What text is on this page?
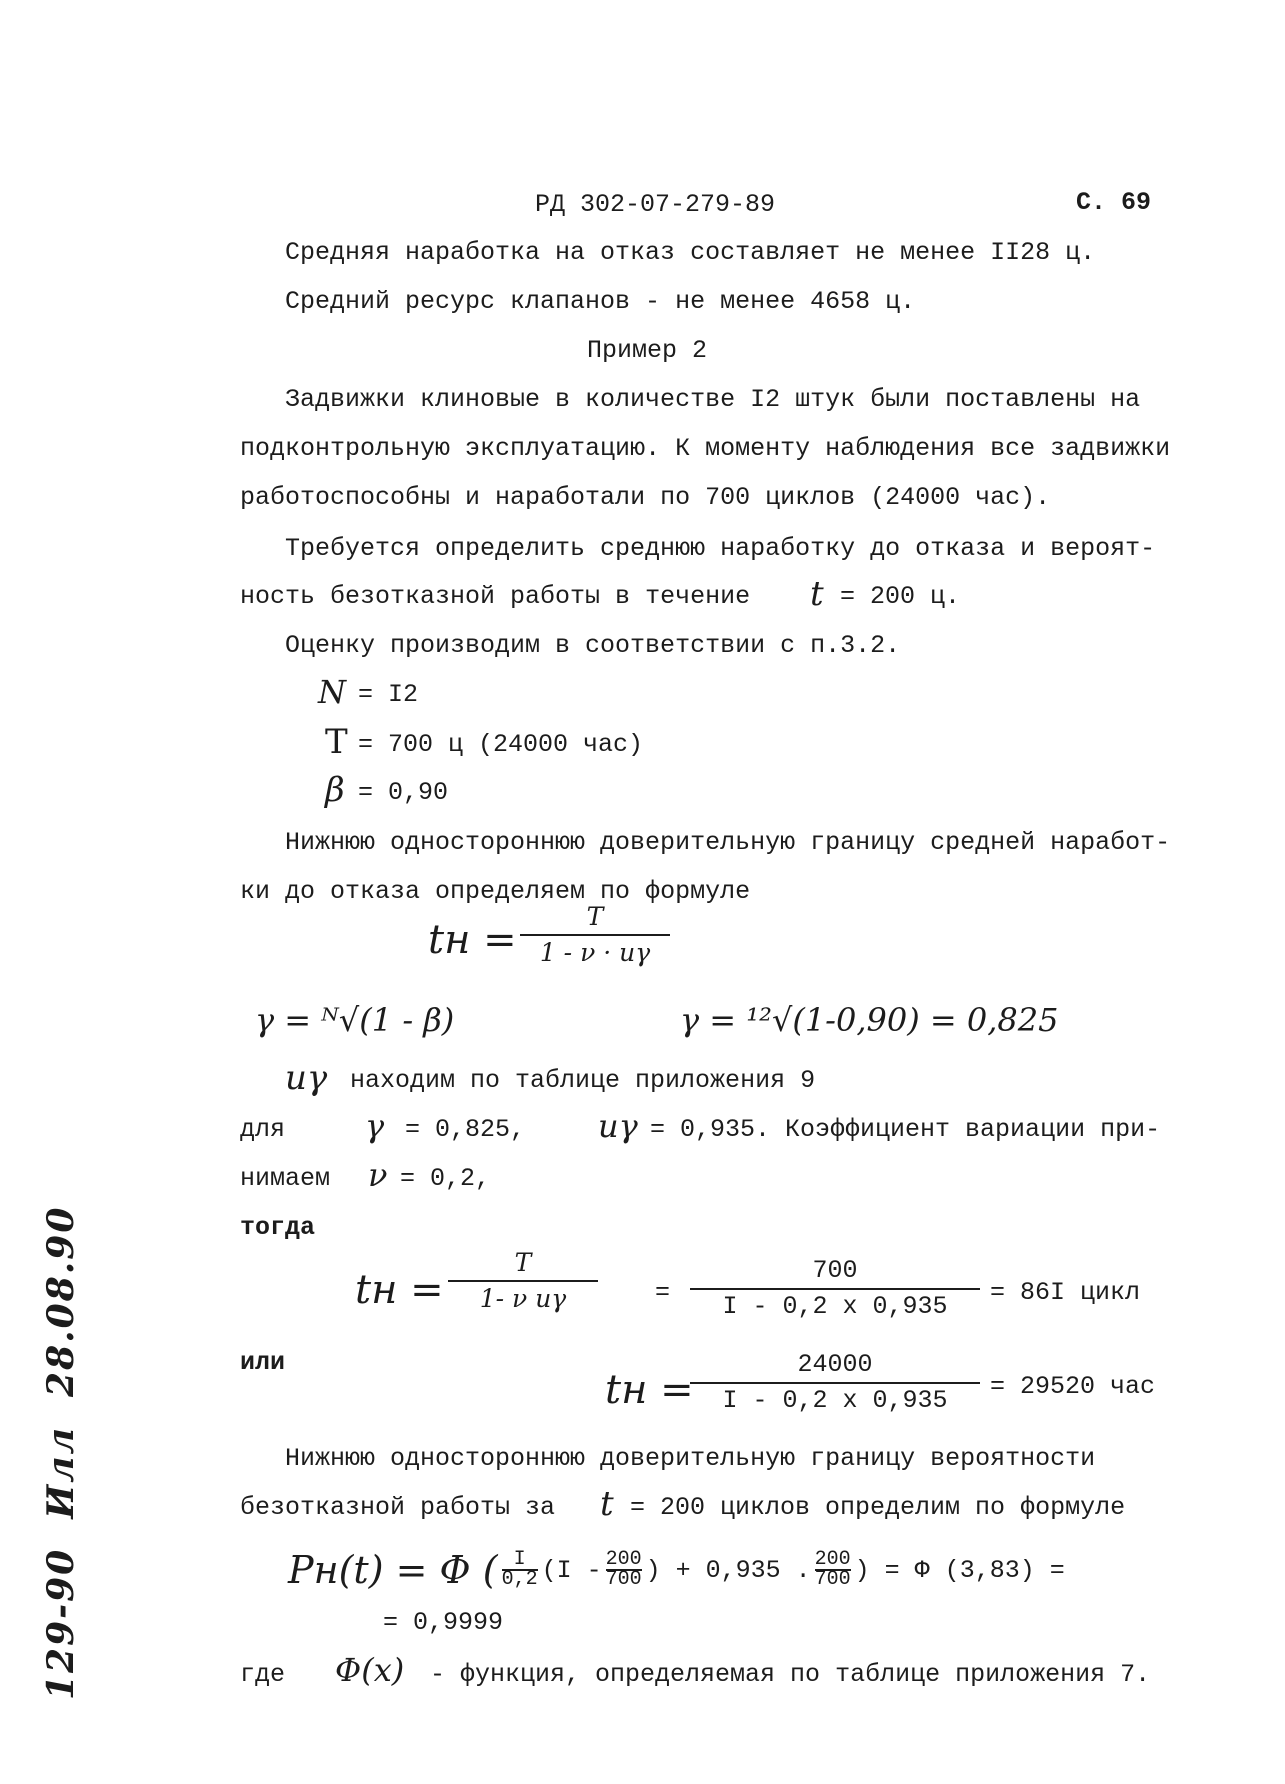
РД 302-07-279-89	С. 69
Средняя наработка на отказ составляет не менее II28 ц.
Средний ресурс клапанов - не менее 4658 ц.
Пример 2
Задвижки клиновые в количестве I2 штук были поставлены на
подконтрольную эксплуатацию. К моменту наблюдения все задвижки
работоспособны и наработали по 700 циклов (24000 час).
Требуется определить среднюю наработку до отказа и вероят-
ность безотказной работы в течение t = 200 ц.
Оценку производим в соответствии с п.3.2.
N = I2
T = 700 ц (24000 час)
β = 0,90
Нижнюю одностороннюю доверительную границу средней наработ-
ки до отказа определяем по формуле
tн =
T
1 - ν · uγ
γ = ᴺ√(1 - β)	γ = ¹²√(1-0,90) = 0,825
uγ находим по таблице приложения 9
для γ = 0,825, uγ = 0,935. Коэффициент вариации при-
нимаем ν = 0,2,
тогда
tн =
T
1- ν uγ	=
700
I - 0,2 x 0,935 = 86I цикл
или
tн =
24000
I - 0,2 x 0,935 = 29520 час
Нижнюю одностороннюю доверительную границу вероятности
безотказной работы за t = 200 циклов определим по формуле
Pн(t) = Φ ( I
0,2 (I - 200
700 ) + 0,935 . 200
700 ) = Φ (3,83) =
= 0,9999
где Φ(x) - функция, определяемая по таблице приложения 7.
129-90  Илл  28.08.90
